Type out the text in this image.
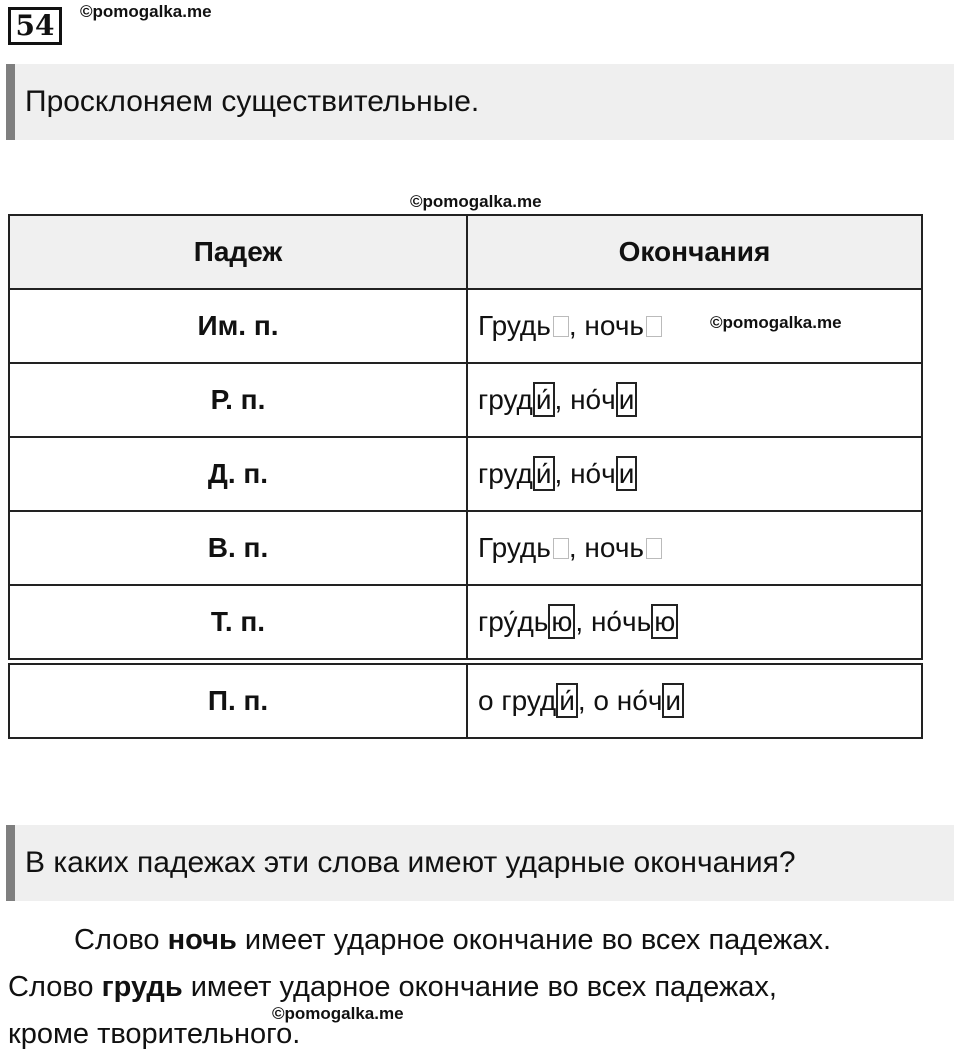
54	©pomogalka.me
Просклоняем существительные.
©pomogalka.me
Падеж	Окончания
Им. п.	Грудь , ночь
Р. п.	груд и́ , но́ч и
Д. п.	груд и́ , но́ч и
В. п.	Грудь , ночь
Т. п.	гру́дь ю , но́чь ю

П. п.	о груд и́ , о но́ч и
©pomogalka.me
В каких падежах эти слова имеют ударные окончания?
Слово ночь имеет ударное окончание во всех падежах.
Слово грудь имеет ударное окончание во всех падежах,
кроме творительного.
©pomogalka.me
